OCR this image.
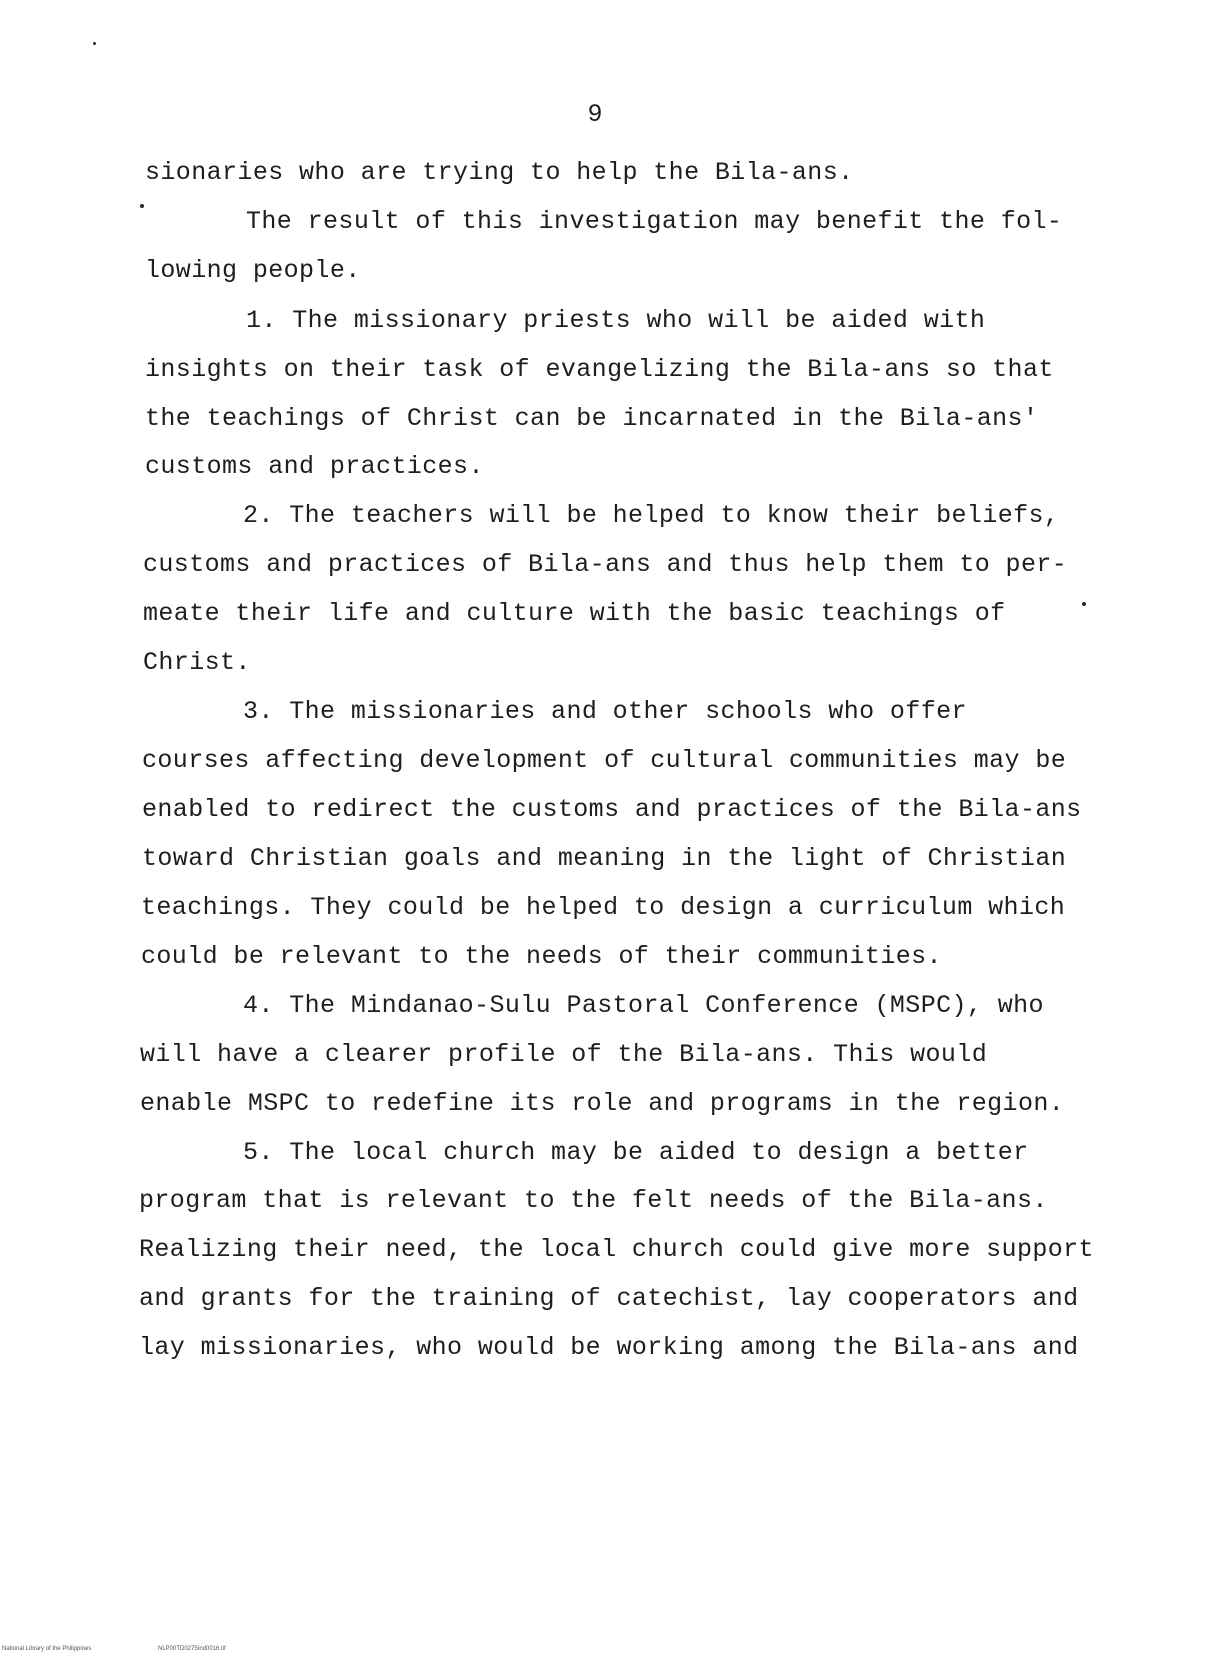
9
sionaries who are trying to help the Bila-ans.
The result of this investigation may benefit the fol-
lowing people.
1. The missionary priests who will be aided with
insights on their task of evangelizing the Bila-ans so that
the teachings of Christ can be incarnated in the Bila-ans'
customs and practices.
2. The teachers will be helped to know their beliefs,
customs and practices of Bila-ans and thus help them to per-
meate their life and culture with the basic teachings of
Christ.
3. The missionaries and other schools who offer
courses affecting development of cultural communities may be
enabled to redirect the customs and practices of the Bila-ans
toward Christian goals and meaning in the light of Christian
teachings. They could be helped to design a curriculum which
could be relevant to the needs of their communities.
4. The Mindanao-Sulu Pastoral Conference (MSPC), who
will have a clearer profile of the Bila-ans. This would
enable MSPC to redefine its role and programs in the region.
5. The local church may be aided to design a better
program that is relevant to the felt needs of the Bila-ans.
Realizing their need, the local church could give more support
and grants for the training of catechist, lay cooperators and
lay missionaries, who would be working among the Bila-ans and
National Library of the Philippines	NLP00TD0275Ind0016.tif
